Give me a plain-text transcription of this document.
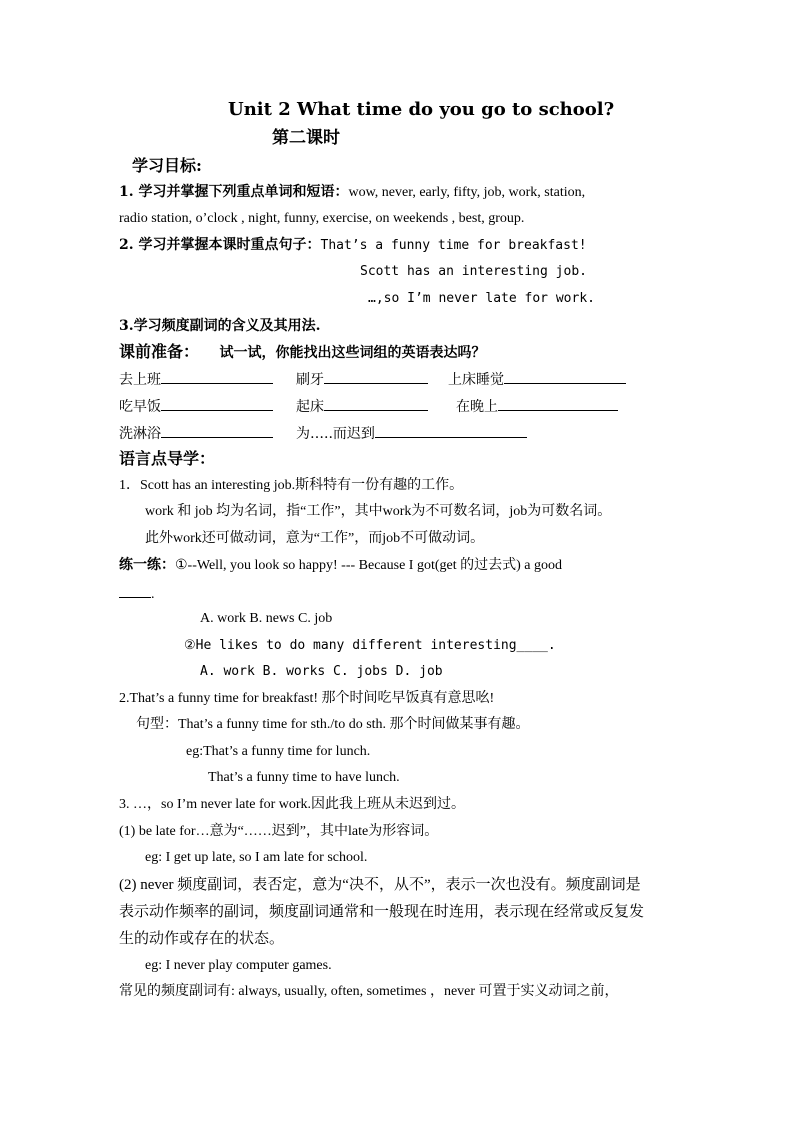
Unit 2 What time do you go to school?
第二课时
学习目标:
1. 学习并掌握下列重点单词和短语：wow, never, early, fifty, job, work, station,
radio station, o’clock , night, funny, exercise, on weekends , best, group.
2. 学习并掌握本课时重点句子：That’s a funny time for breakfast!
Scott has an interesting job.
…,so I’m never late for work.
3.学习频度副词的含义及其用法.
课前准备： 试一试，你能找出这些词组的英语表达吗？
去上班	刷牙	上床睡觉
吃早饭	起床	在晚上
洗淋浴	为…..而迟到
语言点导学：
1．Scott has an interesting job.斯科特有一份有趣的工作。
work 和 job 均为名词，指“工作”，其中work为不可数名词，job为可数名词。
此外work还可做动词，意为“工作”，而job不可做动词。
练一练：①--Well, you look so happy! --- Because I got(get 的过去式) a good
.
A. work B. news C. job
②He likes to do many different interesting____.
A. work B. works C. jobs D. job
2.That’s a funny time for breakfast! 那个时间吃早饭真有意思吆!
句型：That’s a funny time for sth./to do sth. 那个时间做某事有趣。
eg:That’s a funny time for lunch.
That’s a funny time to have lunch.
3. …，so I’m never late for work.因此我上班从未迟到过。
(1) be late for…意为“……迟到”，其中late为形容词。
eg: I get up late, so I am late for school.
(2) never 频度副词，表否定，意为“决不，从不”，表示一次也没有。频度副词是
表示动作频率的副词，频度副词通常和一般现在时连用，表示现在经常或反复发
生的动作或存在的状态。
eg: I never play computer games.
常见的频度副词有: always, usually, often, sometimes ，never 可置于实义动词之前，
